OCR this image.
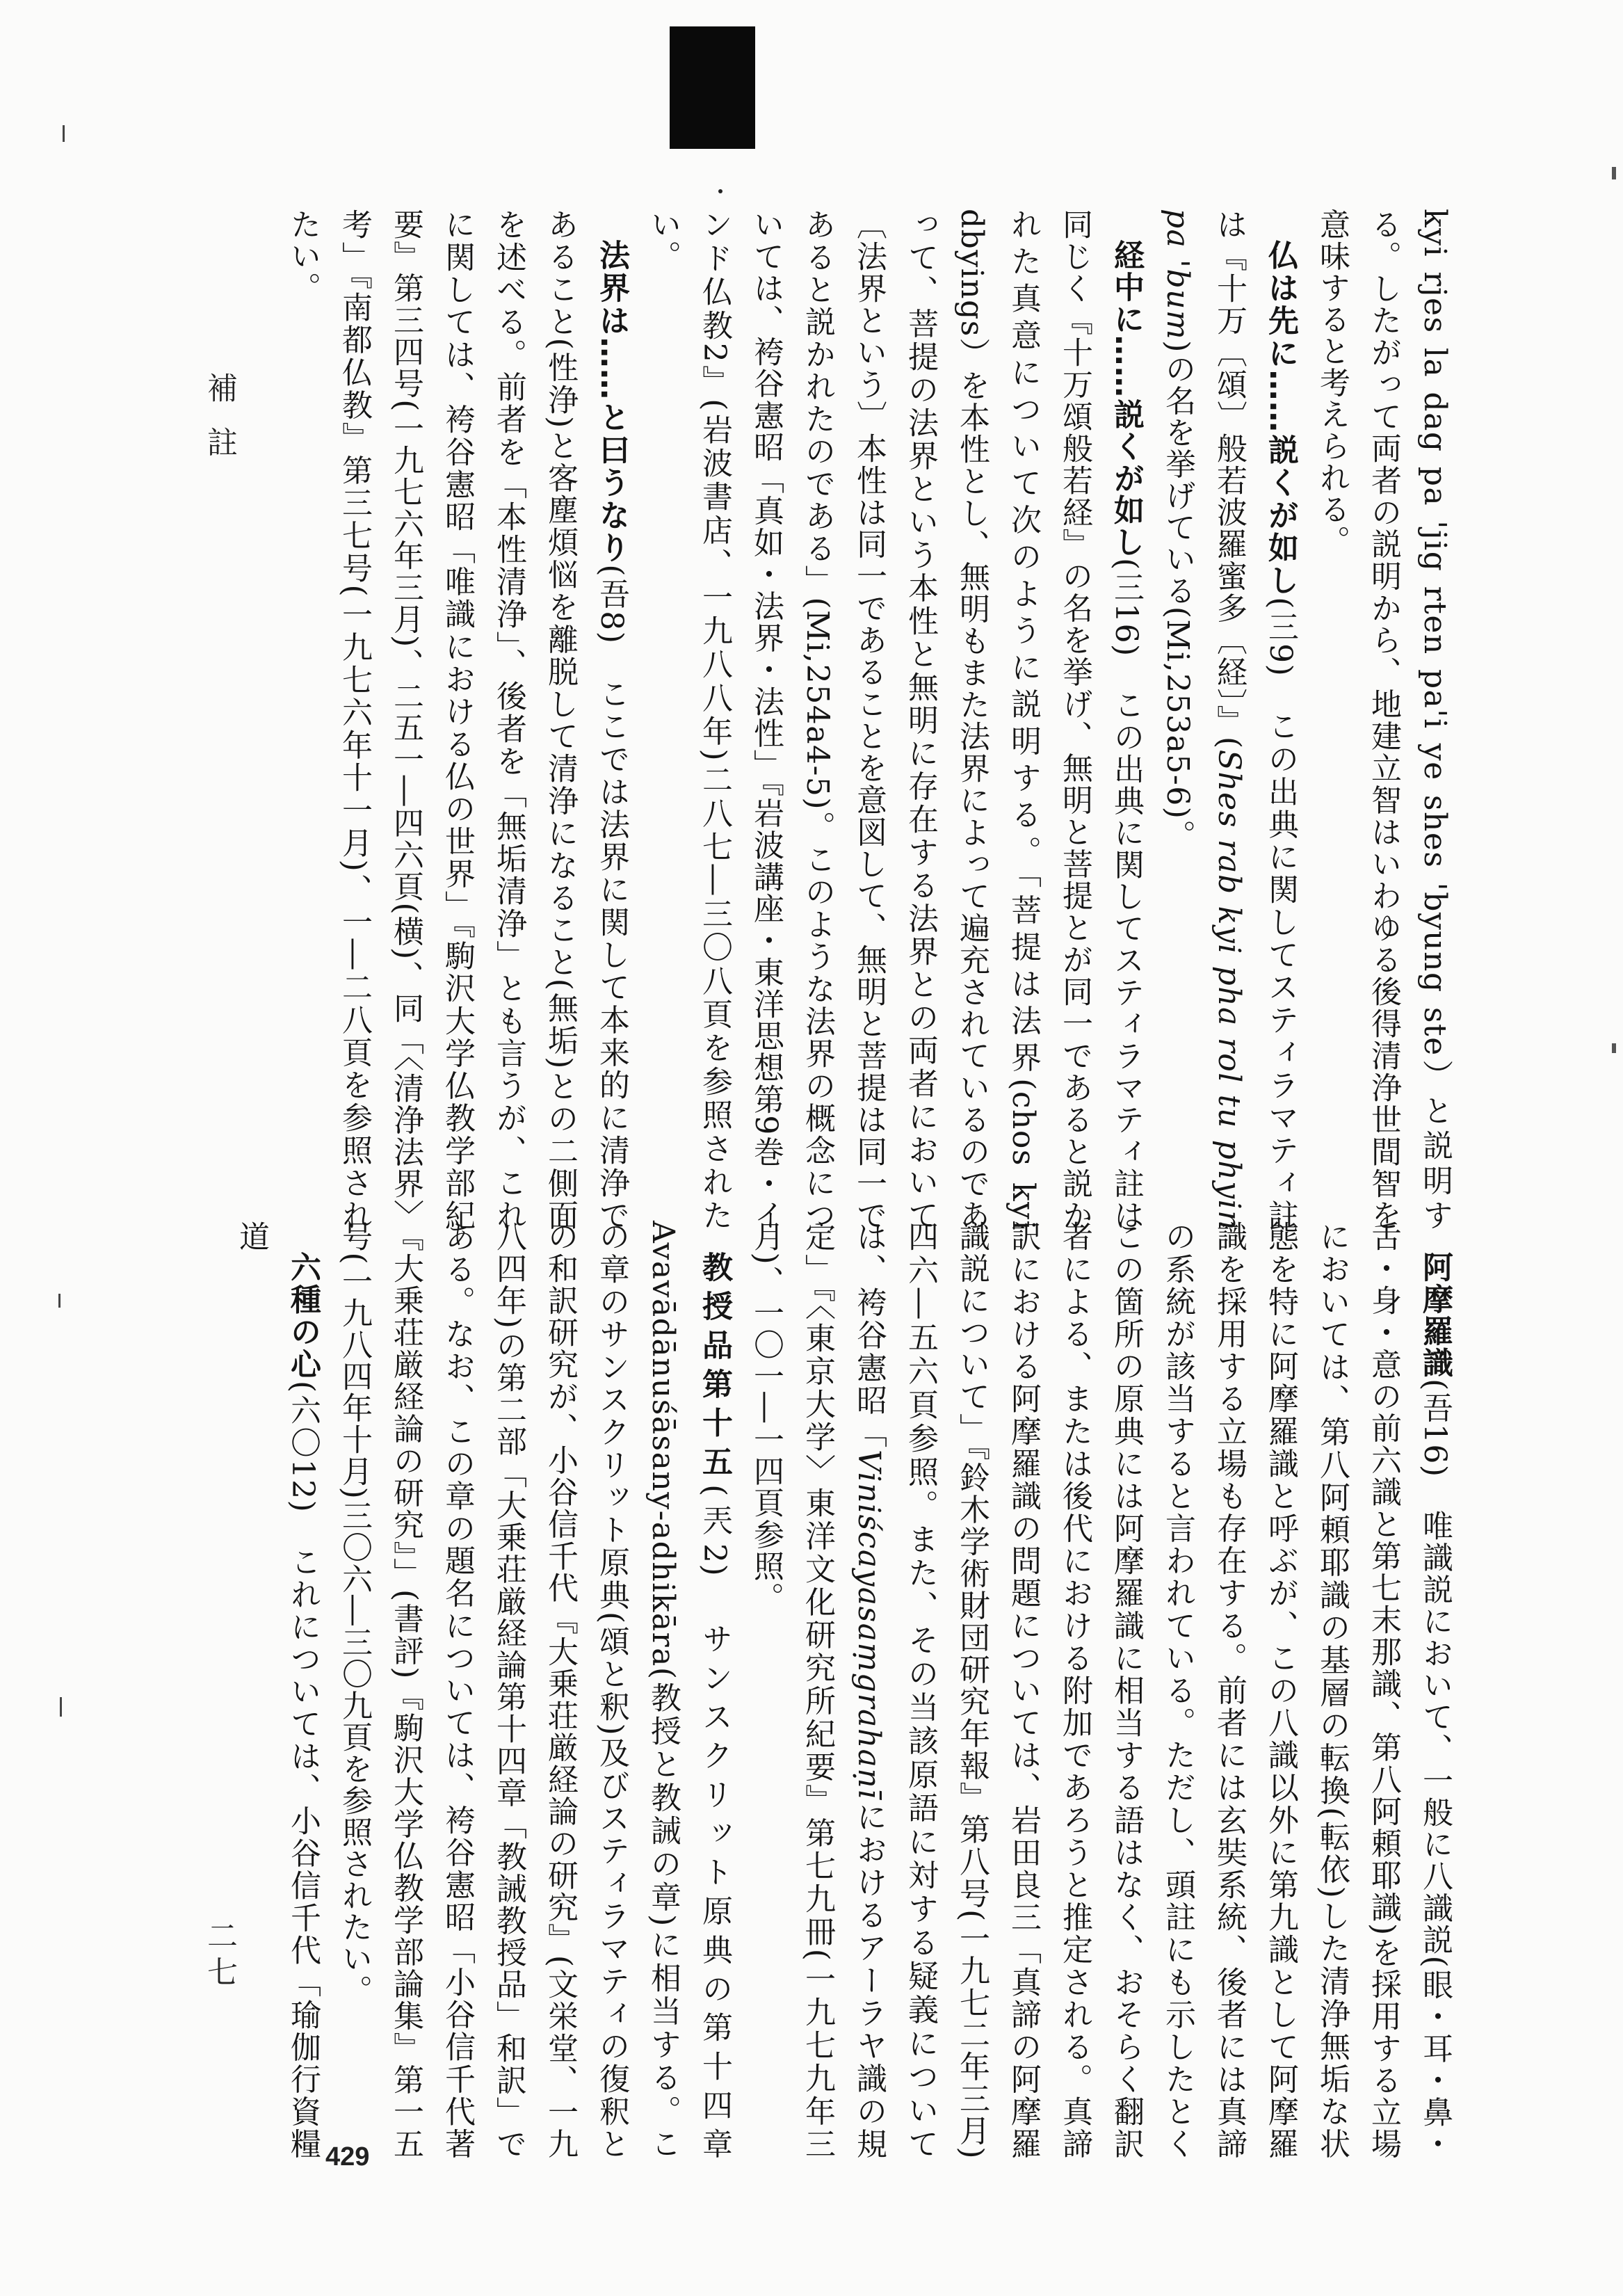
補註
二七
429
kyi rjes la dag pa 'jig rten pa'i ye shes 'byung ste）と説明する。したがって両者の説明から、地建立智はいわゆる後得清浄世間智を意味すると考えられる。
仏は先に……説くが如し(三9)　この出典に関してスティラマティ註は『十万〔頌〕般若波羅蜜多〔経〕』(Shes rab kyi pha rol tu phyin pa 'bum)の名を挙げている(Mi,253a5-6)。
経中に……説くが如し(三16)　この出典に関してスティラマティ註は同じく『十万頌般若経』の名を挙げ、無明と菩提とが同一であると説かれた真意について次のように説明する。「菩提は法界(chos kyi dbyings）を本性とし、無明もまた法界によって遍充されているのであって、菩提の法界という本性と無明に存在する法界との両者において〔法界という〕本性は同一であることを意図して、無明と菩提は同一であると説かれたのである」(Mi,254a4-5)。このような法界の概念については、袴谷憲昭「真如・法界・法性」『岩波講座・東洋思想第9巻・インド仏教2』(岩波書店、一九八八年)二八七―三〇八頁を参照されたい。
法界は……と曰うなり(吾8)　ここでは法界に関して本来的に清浄であること(性浄)と客塵煩悩を離脱して清浄になること(無垢)との二側面を述べる。前者を「本性清浄」、後者を「無垢清浄」とも言うが、これに関しては、袴谷憲昭「唯識における仏の世界」『駒沢大学仏教学部紀要』第三四号(一九七六年三月)、二五一―四六頁(横)、同「〈清浄法界〉考」『南都仏教』第三七号(一九七六年十一月)、一―二八頁を参照されたい。
阿摩羅識(吾16)　唯識説において、一般に八識説(眼・耳・鼻・舌・身・意の前六識と第七末那識、第八阿頼耶識)を採用する立場においては、第八阿頼耶識の基層の転換(転依)した清浄無垢な状態を特に阿摩羅識と呼ぶが、この八識以外に第九識として阿摩羅識を採用する立場も存在する。前者には玄奘系統、後者には真諦の系統が該当すると言われている。ただし、頭註にも示したとくこの箇所の原典には阿摩羅識に相当する語はなく、おそらく翻訳者による、または後代における附加であろうと推定される。真諦訳における阿摩羅識の問題については、岩田良三「真諦の阿摩羅識説について」『鈴木学術財団研究年報』第八号(一九七二年三月)四六―五六頁参照。また、その当該原語に対する疑義については、袴谷憲昭「Viniścayasaṃgrahaṇīにおけるアーラヤ識の規定」『〈東京大学〉東洋文化研究所紀要』第七九冊(一九七九年三月)、一〇一―一四頁参照。
教授品第十五(兲2)　サンスクリット原典の第十四章 Avavādānuśāsany-adhikāra(教授と教誡の章)に相当する。この章のサンスクリット原典(頌と釈)及びスティラマティの復釈との和訳研究が、小谷信千代『大乗荘厳経論の研究』(文栄堂、一九八四年)の第二部「大乗荘厳経論第十四章「教誡教授品」和訳」である。なお、この章の題名については、袴谷憲昭「小谷信千代著『大乗荘厳経論の研究』」(書評)『駒沢大学仏教学部論集』第一五号(一九八四年十月)三〇六―三〇九頁を参照されたい。
六種の心(六〇12)　これについては、小谷信千代「瑜伽行資糧道
